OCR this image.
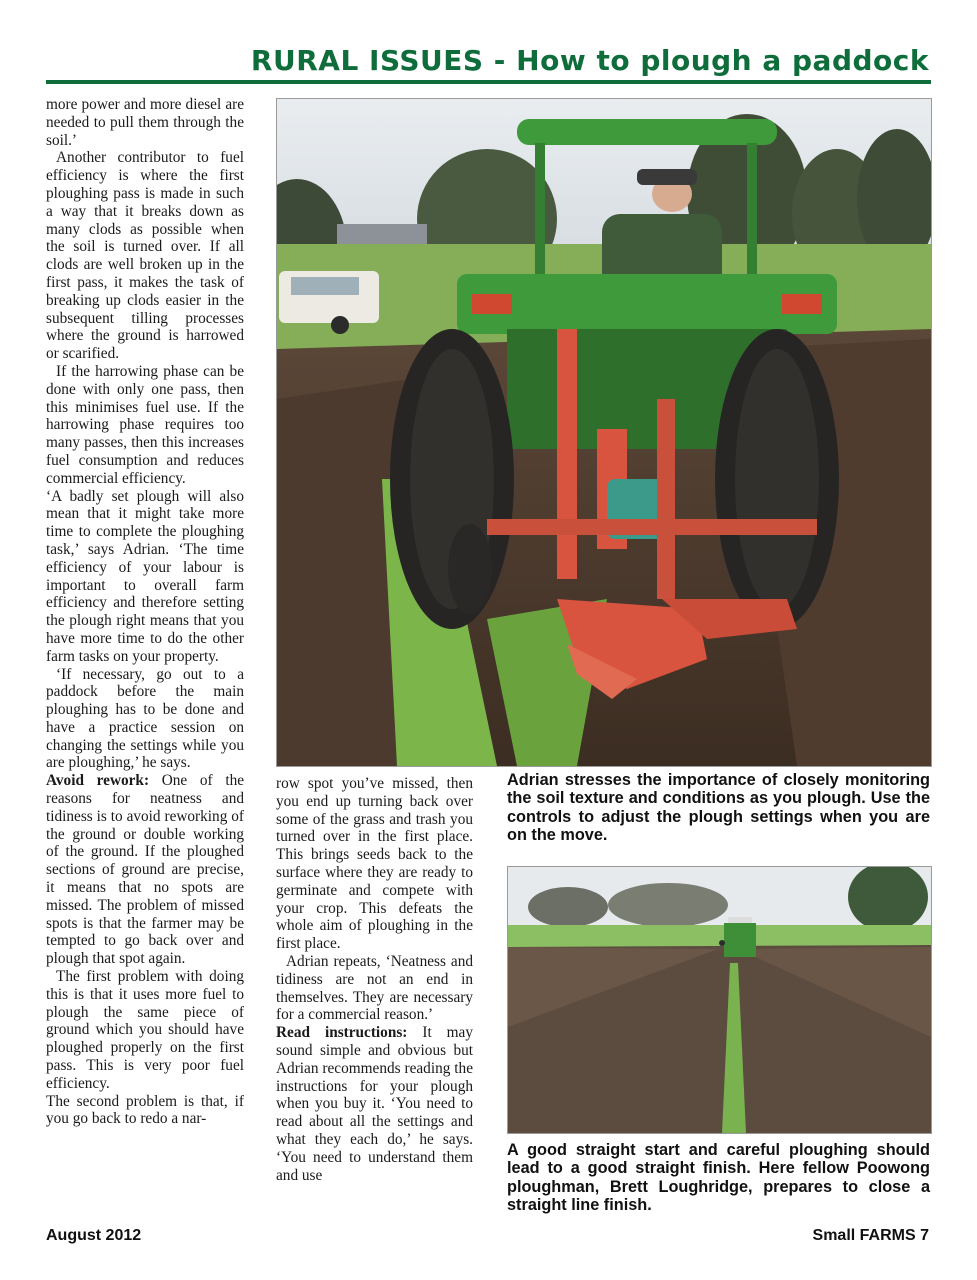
RURAL ISSUES - How to plough a paddock

more power and more diesel are needed to pull them through the soil.’

Another contributor to fuel efficiency is where the first ploughing pass is made in such a way that it breaks down as many clods as possible when the soil is turned over. If all clods are well broken up in the first pass, it makes the task of breaking up clods easier in the subsequent tilling processes where the ground is harrowed or scarified.

If the harrowing phase can be done with only one pass, then this minimises fuel use. If the harrowing phase requires too many passes, then this increases fuel consumption and reduces commercial efficiency.

‘A badly set plough will also mean that it might take more time to complete the ploughing task,’ says Adrian. ‘The time efficiency of your labour is important to overall farm efficiency and therefore setting the plough right means that you have more time to do the other farm tasks on your property.

‘If necessary, go out to a paddock before the main ploughing has to be done and have a practice session on changing the settings while you are ploughing,’ he says.

Avoid rework: One of the reasons for neatness and tidiness is to avoid reworking of the ground or double working of the ground. If the ploughed sections of ground are precise, it means that no spots are missed. The problem of missed spots is that the farmer may be tempted to go back over and plough that spot again.

The first problem with doing this is that it uses more fuel to plough the same piece of ground which you should have ploughed properly on the first pass. This is very poor fuel efficiency.

The second problem is that, if you go back to redo a nar-

row spot you’ve missed, then you end up turning back over some of the grass and trash you turned over in the first place. This brings seeds back to the surface where they are ready to germinate and compete with your crop. This defeats the whole aim of ploughing in the first place.

Adrian repeats, ‘Neatness and tidiness are not an end in themselves. They are necessary for a commercial reason.’

Read instructions: It may sound simple and obvious but Adrian recommends reading the instructions for your plough when you buy it. ‘You need to read about all the settings and what they each do,’ he says. ‘You need to understand them and use

Adrian stresses the importance of closely monitoring the soil texture and conditions as you plough. Use the controls to adjust the plough settings when you are on the move.
A good straight start and careful ploughing should lead to a good straight finish. Here fellow Poowong ploughman, Brett Loughridge, prepares to close a straight line finish.
August 2012	Small FARMS 7
